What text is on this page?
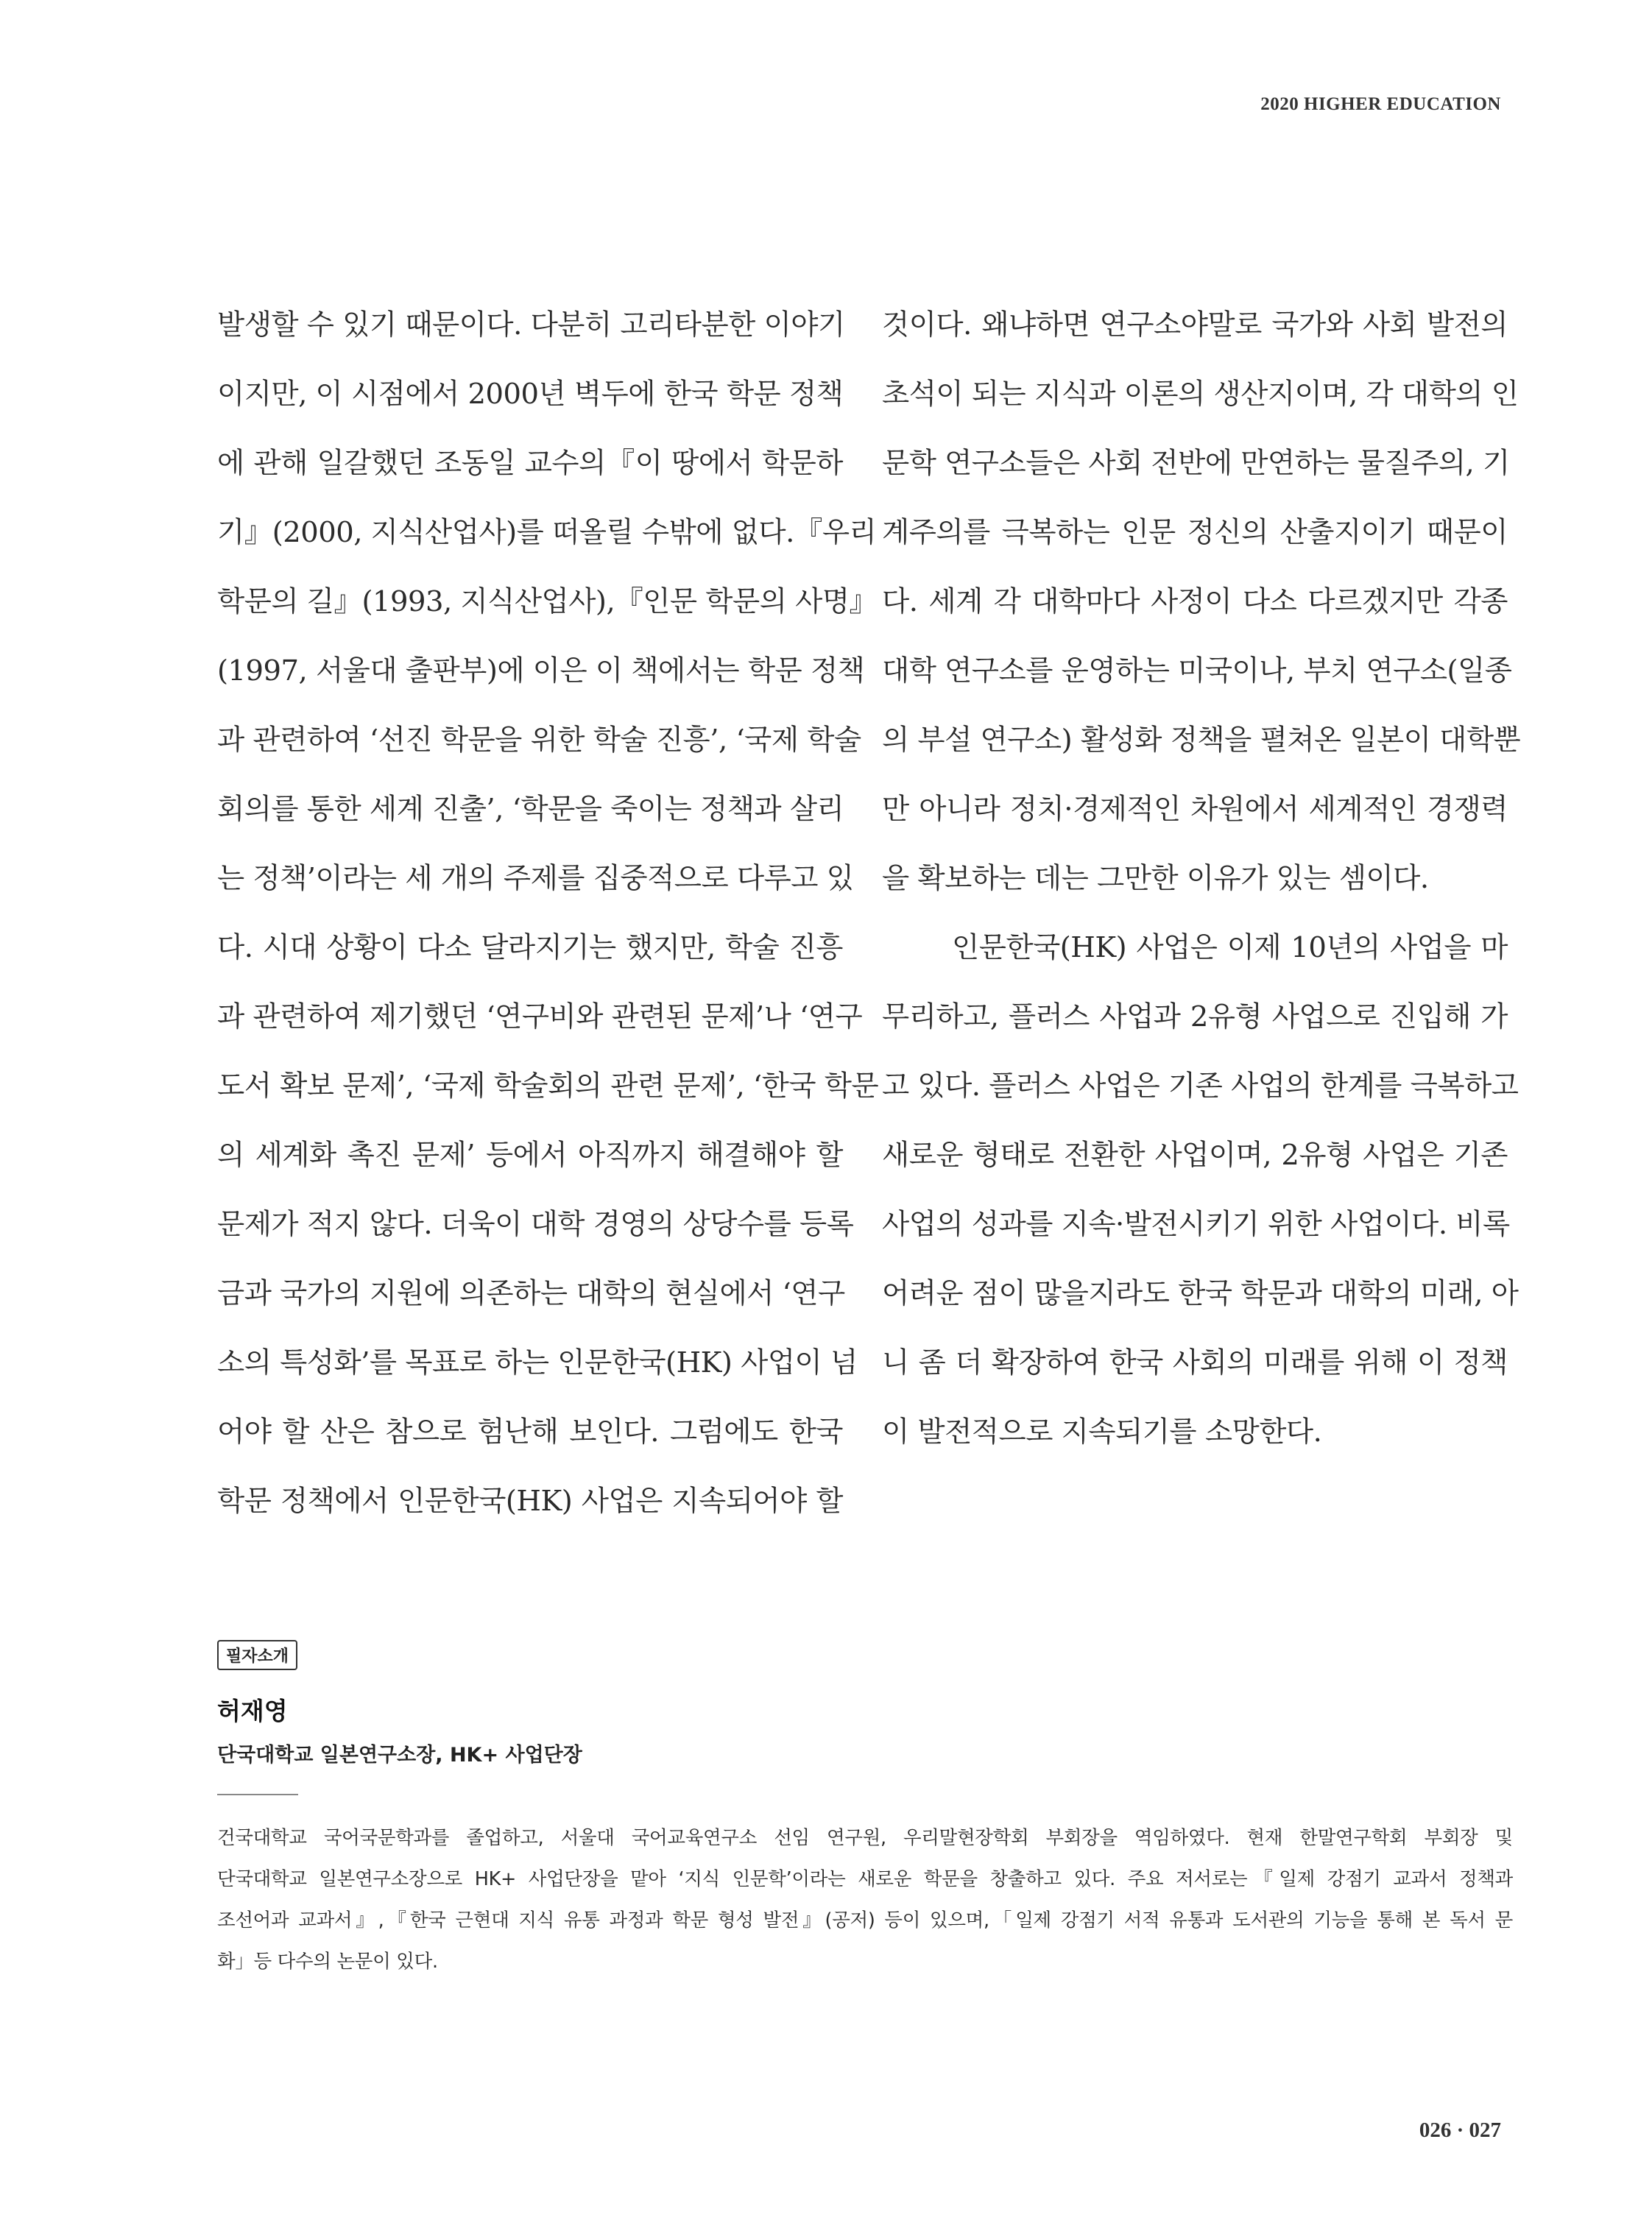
2020 HIGHER EDUCATION
발생할 수 있기 때문이다. 다분히 고리타분한 이야기
이지만, 이 시점에서 2000년 벽두에 한국 학문 정책
에 관해 일갈했던 조동일 교수의『이 땅에서 학문하
기』(2000, 지식산업사)를 떠올릴 수밖에 없다.『우리
학문의 길』(1993, 지식산업사),『인문 학문의 사명』
(1997, 서울대 출판부)에 이은 이 책에서는 학문 정책
과 관련하여 ‘선진 학문을 위한 학술 진흥’, ‘국제 학술
회의를 통한 세계 진출’, ‘학문을 죽이는 정책과 살리
는 정책’이라는 세 개의 주제를 집중적으로 다루고 있
다. 시대 상황이 다소 달라지기는 했지만, 학술 진흥
과 관련하여 제기했던 ‘연구비와 관련된 문제’나 ‘연구
도서 확보 문제’, ‘국제 학술회의 관련 문제’, ‘한국 학문
의 세계화 촉진 문제’ 등에서 아직까지 해결해야 할
문제가 적지 않다. 더욱이 대학 경영의 상당수를 등록
금과 국가의 지원에 의존하는 대학의 현실에서 ‘연구
소의 특성화’를 목표로 하는 인문한국(HK) 사업이 넘
어야 할 산은 참으로 험난해 보인다. 그럼에도 한국
학문 정책에서 인문한국(HK) 사업은 지속되어야 할
것이다. 왜냐하면 연구소야말로 국가와 사회 발전의
초석이 되는 지식과 이론의 생산지이며, 각 대학의 인
문학 연구소들은 사회 전반에 만연하는 물질주의, 기
계주의를 극복하는 인문 정신의 산출지이기 때문이
다. 세계 각 대학마다 사정이 다소 다르겠지만 각종
대학 연구소를 운영하는 미국이나, 부치 연구소(일종
의 부설 연구소) 활성화 정책을 펼쳐온 일본이 대학뿐
만 아니라 정치·경제적인 차원에서 세계적인 경쟁력
을 확보하는 데는 그만한 이유가 있는 셈이다.
인문한국(HK) 사업은 이제 10년의 사업을 마
무리하고, 플러스 사업과 2유형 사업으로 진입해 가
고 있다. 플러스 사업은 기존 사업의 한계를 극복하고
새로운 형태로 전환한 사업이며, 2유형 사업은 기존
사업의 성과를 지속·발전시키기 위한 사업이다. 비록
어려운 점이 많을지라도 한국 학문과 대학의 미래, 아
니 좀 더 확장하여 한국 사회의 미래를 위해 이 정책
이 발전적으로 지속되기를 소망한다.
필자소개
허재영
단국대학교 일본연구소장, HK+ 사업단장
건국대학교 국어국문학과를 졸업하고, 서울대 국어교육연구소 선임 연구원, 우리말현장학회 부회장을 역임하였다. 현재 한말연구학회 부회장 및
단국대학교 일본연구소장으로 HK+ 사업단장을 맡아 ‘지식 인문학’이라는 새로운 학문을 창출하고 있다. 주요 저서로는『일제 강점기 교과서 정책과
조선어과 교과서』,『한국 근현대 지식 유통 과정과 학문 형성 발전』(공저) 등이 있으며,「일제 강점기 서적 유통과 도서관의 기능을 통해 본 독서 문
화」등 다수의 논문이 있다.
026 · 027
